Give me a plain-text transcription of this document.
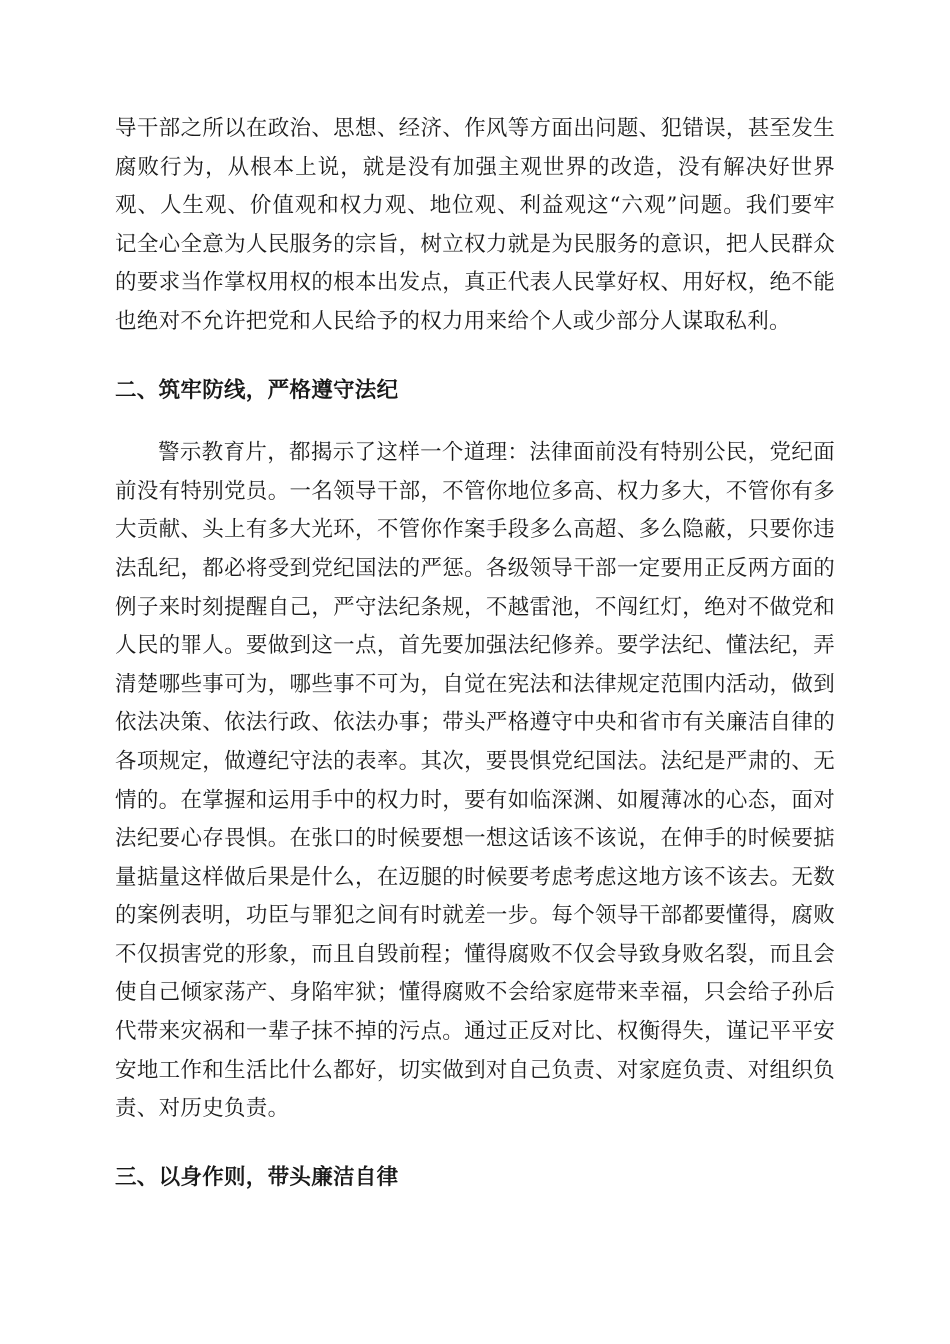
导干部之所以在政治、思想、经济、作风等方面出问题、犯错误，甚至发生腐败行为，从根本上说，就是没有加强主观世界的改造，没有解决好世界观、人生观、价值观和权力观、地位观、利益观这“六观”问题。我们要牢记全心全意为人民服务的宗旨，树立权力就是为民服务的意识，把人民群众的要求当作掌权用权的根本出发点，真正代表人民掌好权、用好权，绝不能也绝对不允许把党和人民给予的权力用来给个人或少部分人谋取私利。

二、筑牢防线，严格遵守法纪

警示教育片，都揭示了这样一个道理：法律面前没有特别公民，党纪面前没有特别党员。一名领导干部，不管你地位多高、权力多大，不管你有多大贡献、头上有多大光环，不管你作案手段多么高超、多么隐蔽，只要你违法乱纪，都必将受到党纪国法的严惩。各级领导干部一定要用正反两方面的例子来时刻提醒自己，严守法纪条规，不越雷池，不闯红灯，绝对不做党和人民的罪人。要做到这一点，首先要加强法纪修养。要学法纪、懂法纪，弄清楚哪些事可为，哪些事不可为，自觉在宪法和法律规定范围内活动，做到依法决策、依法行政、依法办事；带头严格遵守中央和省市有关廉洁自律的各项规定，做遵纪守法的表率。其次，要畏惧党纪国法。法纪是严肃的、无情的。在掌握和运用手中的权力时，要有如临深渊、如履薄冰的心态，面对法纪要心存畏惧。在张口的时候要想一想这话该不该说，在伸手的时候要掂量掂量这样做后果是什么，在迈腿的时候要考虑考虑这地方该不该去。无数的案例表明，功臣与罪犯之间有时就差一步。每个领导干部都要懂得，腐败不仅损害党的形象，而且自毁前程；懂得腐败不仅会导致身败名裂，而且会使自己倾家荡产、身陷牢狱；懂得腐败不会给家庭带来幸福，只会给子孙后代带来灾祸和一辈子抹不掉的污点。通过正反对比、权衡得失，谨记平平安安地工作和生活比什么都好，切实做到对自己负责、对家庭负责、对组织负责、对历史负责。

三、以身作则，带头廉洁自律
